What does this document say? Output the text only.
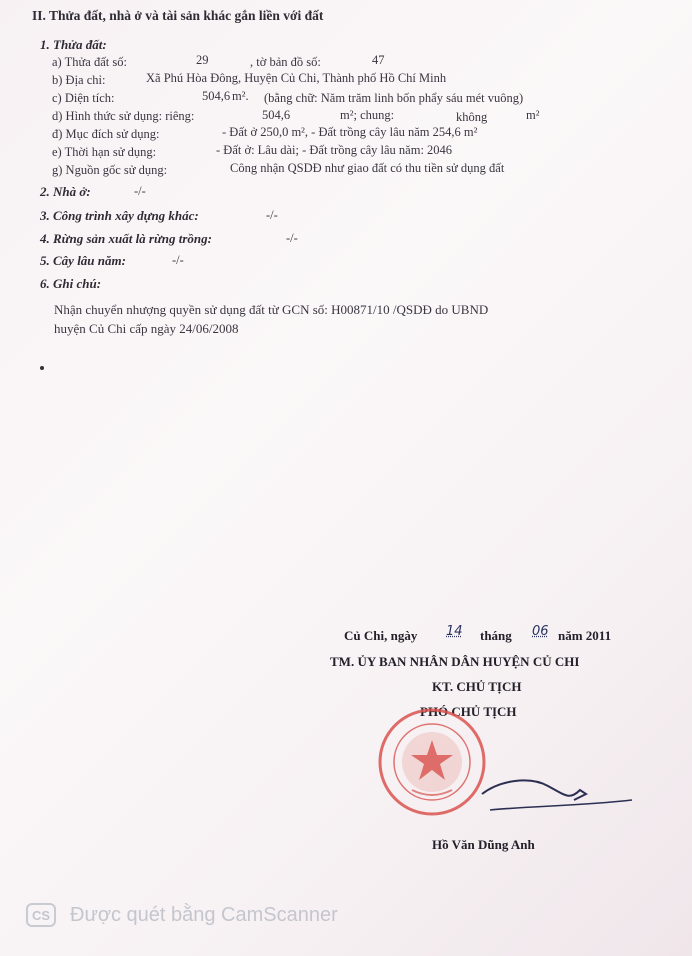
II. Thửa đất, nhà ở và tài sản khác gắn liền với đất
1. Thửa đất:
a) Thửa đất số:	29	, tờ bản đồ số:	47
b) Địa chỉ:	Xã Phú Hòa Đông, Huyện Củ Chi, Thành phố Hồ Chí Minh
c) Diện tích:	504,6 m². (bằng chữ: Năm trăm linh bốn phẩy sáu mét vuông)
d) Hình thức sử dụng: riêng:	504,6	m²; chung:	không	m²
đ) Mục đích sử dụng:	- Đất ở 250,0 m², - Đất trồng cây lâu năm 254,6 m²
e) Thời hạn sử dụng:	- Đất ở: Lâu dài; - Đất trồng cây lâu năm: 2046
g) Nguồn gốc sử dụng:	Công nhận QSDĐ như giao đất có thu tiền sử dụng đất
2. Nhà ở:	-/-
3. Công trình xây dựng khác:	-/-
4. Rừng sản xuất là rừng trồng:	-/-
5. Cây lâu năm:	-/-
6. Ghi chú:
Nhận chuyển nhượng quyền sử dụng đất từ GCN số: H00871/10 /QSDĐ do UBND
huyện Củ Chi cấp ngày 24/06/2008
Củ Chi, ngày 14 tháng 06 năm 2011
TM. ỦY BAN NHÂN DÂN HUYỆN CỦ CHI
KT. CHỦ TỊCH
PHÓ CHỦ TỊCH
Hồ Văn Dũng Anh
CS Được quét bằng CamScanner
